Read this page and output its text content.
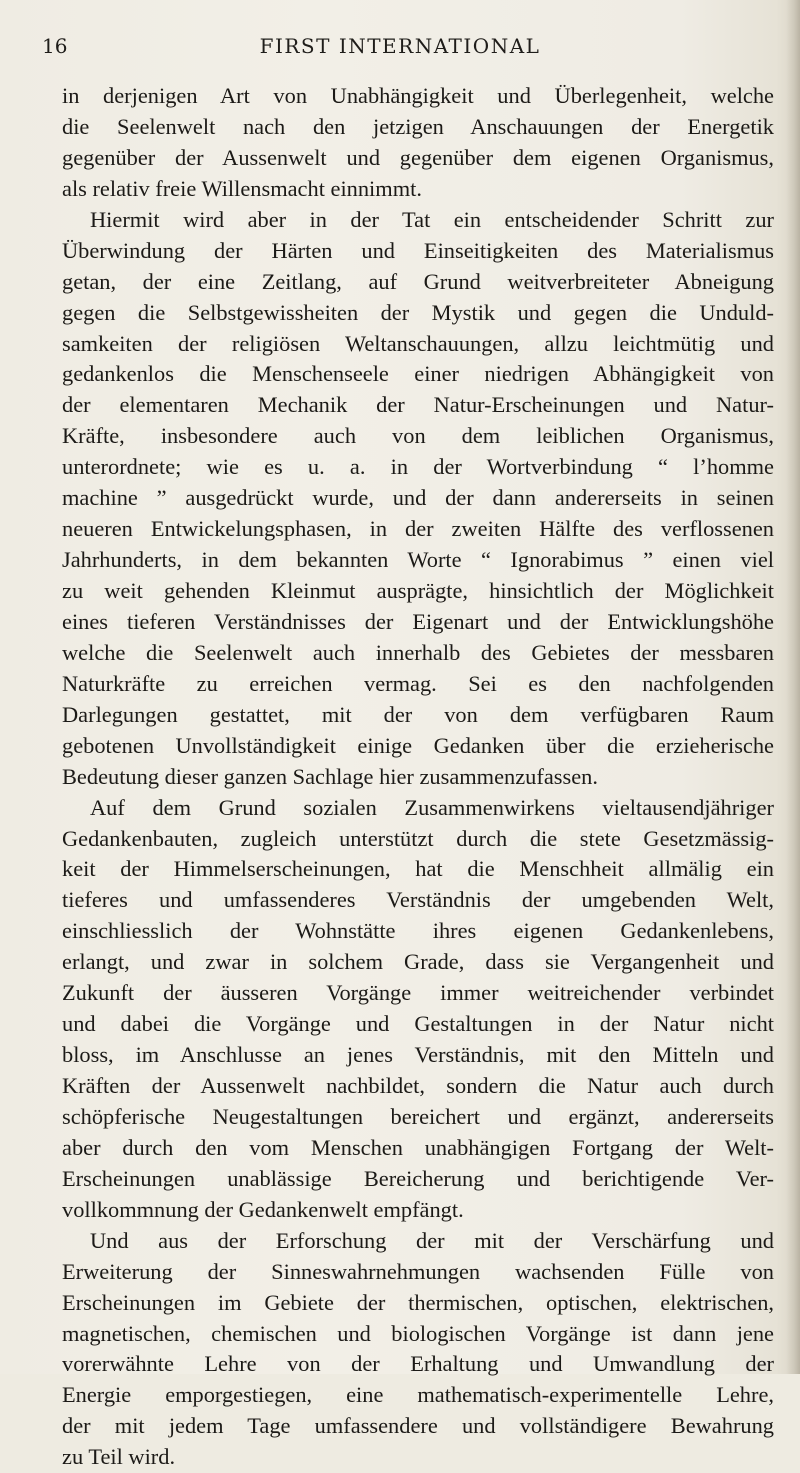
16	FIRST INTERNATIONAL
in derjenigen Art von Unabhängigkeit und Überlegenheit, welche
die Seelenwelt nach den jetzigen Anschauungen der Energetik
gegenüber der Aussenwelt und gegenüber dem eigenen Organismus,
als relativ freie Willensmacht einnimmt.
Hiermit wird aber in der Tat ein entscheidender Schritt zur
Überwindung der Härten und Einseitigkeiten des Materialismus
getan, der eine Zeitlang, auf Grund weitverbreiteter Abneigung
gegen die Selbstgewissheiten der Mystik und gegen die Unduld-
samkeiten der religiösen Weltanschauungen, allzu leichtmütig und
gedankenlos die Menschenseele einer niedrigen Abhängigkeit von
der elementaren Mechanik der Natur-Erscheinungen und Natur-
Kräfte, insbesondere auch von dem leiblichen Organismus,
unterordnete; wie es u. a. in der Wortverbindung “ l’homme
machine ” ausgedrückt wurde, und der dann andererseits in seinen
neueren Entwickelungsphasen, in der zweiten Hälfte des verflossenen
Jahrhunderts, in dem bekannten Worte “ Ignorabimus ” einen viel
zu weit gehenden Kleinmut ausprägte, hinsichtlich der Möglichkeit
eines tieferen Verständnisses der Eigenart und der Entwicklungshöhe
welche die Seelenwelt auch innerhalb des Gebietes der messbaren
Naturkräfte zu erreichen vermag. Sei es den nachfolgenden
Darlegungen gestattet, mit der von dem verfügbaren Raum
gebotenen Unvollständigkeit einige Gedanken über die erzieherische
Bedeutung dieser ganzen Sachlage hier zusammenzufassen.
Auf dem Grund sozialen Zusammenwirkens vieltausendjähriger
Gedankenbauten, zugleich unterstützt durch die stete Gesetzmässig-
keit der Himmelserscheinungen, hat die Menschheit allmälig ein
tieferes und umfassenderes Verständnis der umgebenden Welt,
einschliesslich der Wohnstätte ihres eigenen Gedankenlebens,
erlangt, und zwar in solchem Grade, dass sie Vergangenheit und
Zukunft der äusseren Vorgänge immer weitreichender verbindet
und dabei die Vorgänge und Gestaltungen in der Natur nicht
bloss, im Anschlusse an jenes Verständnis, mit den Mitteln und
Kräften der Aussenwelt nachbildet, sondern die Natur auch durch
schöpferische Neugestaltungen bereichert und ergänzt, andererseits
aber durch den vom Menschen unabhängigen Fortgang der Welt-
Erscheinungen unablässige Bereicherung und berichtigende Ver-
vollkommnung der Gedankenwelt empfängt.
Und aus der Erforschung der mit der Verschärfung und
Erweiterung der Sinneswahrnehmungen wachsenden Fülle von
Erscheinungen im Gebiete der thermischen, optischen, elektrischen,
magnetischen, chemischen und biologischen Vorgänge ist dann jene
vorerwähnte Lehre von der Erhaltung und Umwandlung der
Energie emporgestiegen, eine mathematisch-experimentelle Lehre,
der mit jedem Tage umfassendere und vollständigere Bewahrung
zu Teil wird.
